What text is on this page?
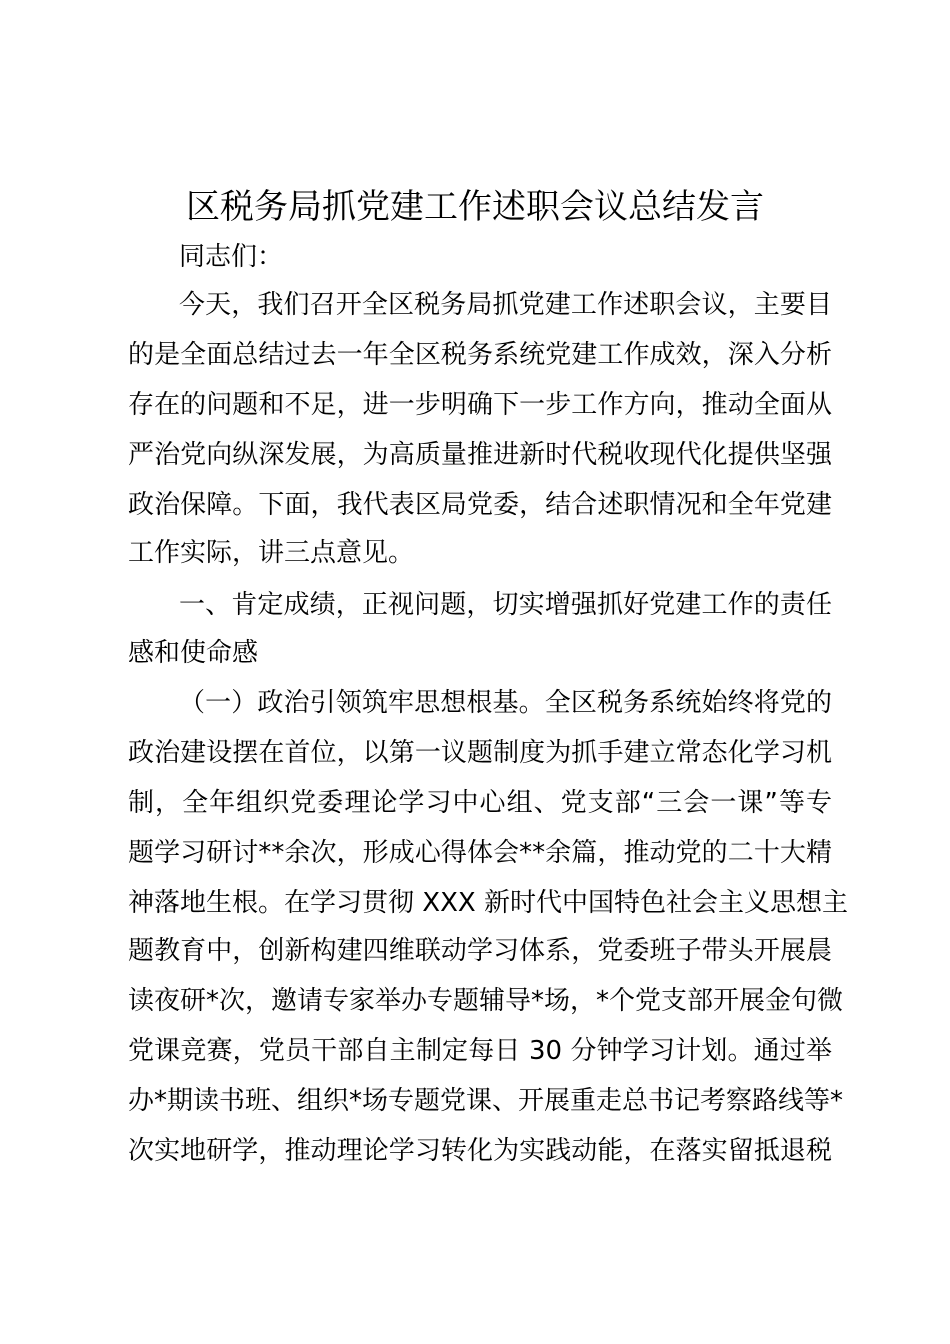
区税务局抓党建工作述职会议总结发言
同志们：
今天，我们召开全区税务局抓党建工作述职会议，主要目
的是全面总结过去一年全区税务系统党建工作成效，深入分析
存在的问题和不足，进一步明确下一步工作方向，推动全面从
严治党向纵深发展，为高质量推进新时代税收现代化提供坚强
政治保障。下面，我代表区局党委，结合述职情况和全年党建
工作实际，讲三点意见。
一、肯定成绩，正视问题，切实增强抓好党建工作的责任
感和使命感
（一）政治引领筑牢思想根基。全区税务系统始终将党的
政治建设摆在首位，以第一议题制度为抓手建立常态化学习机
制，全年组织党委理论学习中心组、党支部“三会一课”等专
题学习研讨**余次，形成心得体会**余篇，推动党的二十大精
神落地生根。在学习贯彻 XXX 新时代中国特色社会主义思想主
题教育中，创新构建四维联动学习体系，党委班子带头开展晨
读夜研*次，邀请专家举办专题辅导*场，*个党支部开展金句微
党课竞赛，党员干部自主制定每日 30 分钟学习计划。通过举
办*期读书班、组织*场专题党课、开展重走总书记考察路线等*
次实地研学，推动理论学习转化为实践动能，在落实留抵退税
